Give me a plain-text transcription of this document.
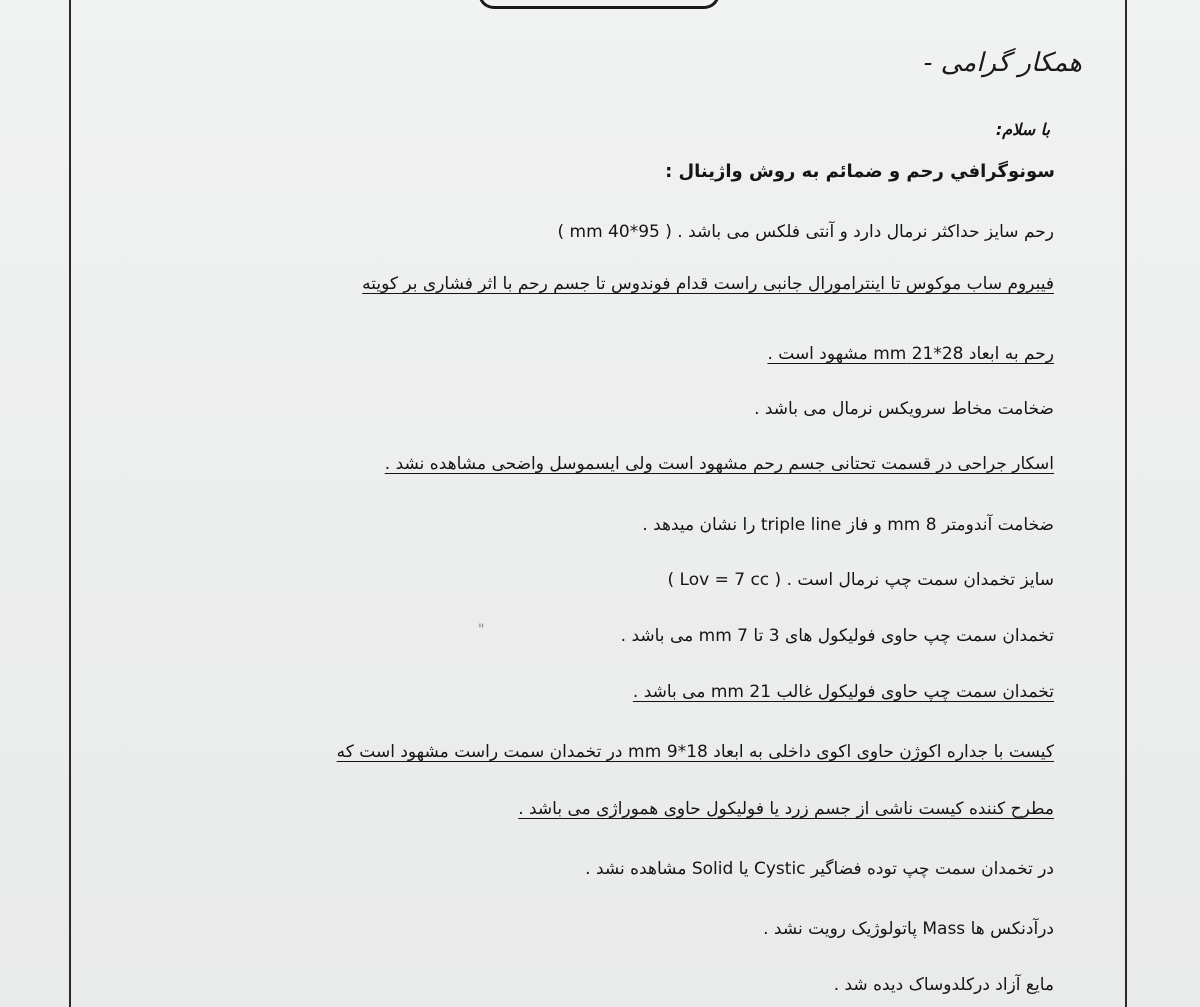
همکار گرامی -
با سلام:
سونوگرافي رحم و ضمائم به روش واژينال :
رحم سایز حداکثر نرمال دارد و آنتی فلکس می باشد . ( 95*40 mm )
فيبروم ساب موكوس تا اينترامورال جانبى راست قدام فوندوس تا جسم رحم با اثر فشارى بر كويته
رحم به ابعاد 28*21 mm مشهود است .
ضخامت مخاط سرویکس نرمال می باشد .
اسکار جراحی در قسمت تحتانی جسم رحم مشهود است ولی ایسموسل واضحی مشاهده نشد .
ضخامت آندومتر 8 mm و فاز triple line را نشان میدهد .
سایز تخمدان سمت چپ نرمال است . ( Lov = 7 cc )
تخمدان سمت چپ حاوی فولیکول های 3 تا 7 mm می باشد .
تخمدان سمت چپ حاوی فولیکول غالب 21 mm می باشد .
كيست با جداره اكوژن حاوى اكوى داخلى به ابعاد 18*9 mm در تخمدان سمت راست مشهود است كه
مطرح كننده كيست ناشى از جسم زرد يا فوليكول حاوى هموراژى مى باشد .
در تخمدان سمت چپ توده فضاگیر Cystic یا Solid مشاهده نشد .
درآدنکس ها Mass پاتولوژیک رویت نشد .
مایع آزاد درکلدوساک دیده شد .
"
